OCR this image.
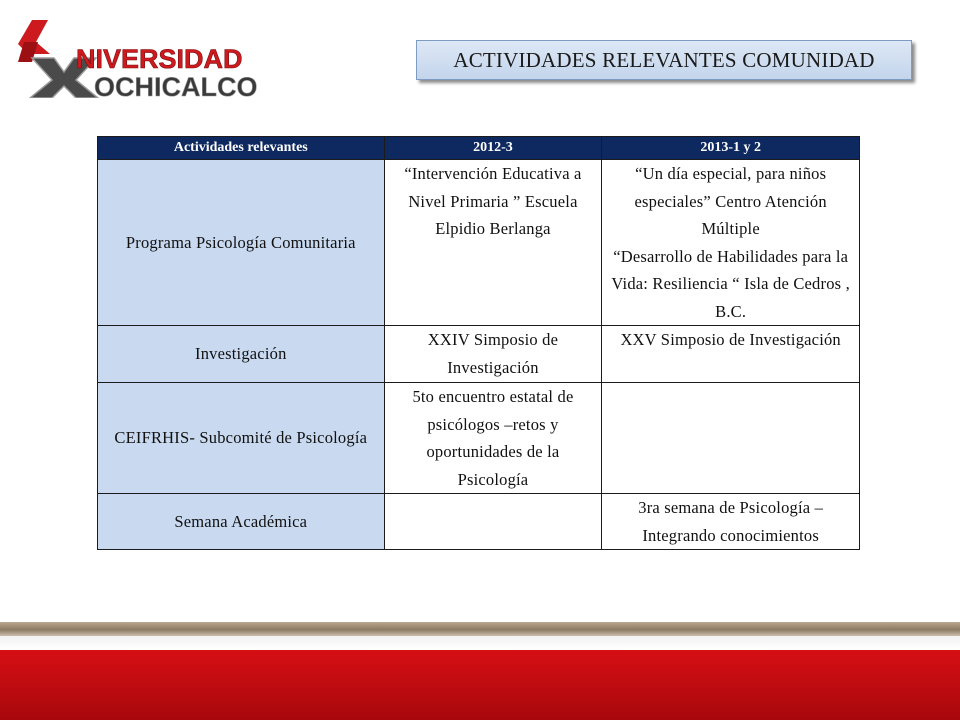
NIVERSIDAD
OCHICALCO
ACTIVIDADES RELEVANTES COMUNIDAD
Actividades relevantes	2012-3	2013-1 y 2
Programa Psicología Comunitaria	“Intervención Educativa a Nivel Primaria ” Escuela Elpidio Berlanga	“Un día especial, para niños especiales” Centro Atención Múltiple
“Desarrollo de Habilidades para la Vida: Resiliencia “ Isla de Cedros , B.C.
Investigación	XXIV Simposio de Investigación	XXV Simposio de Investigación
CEIFRHIS- Subcomité de Psicología	5to encuentro estatal de psicólogos –retos y oportunidades de la Psicología	
Semana Académica		3ra semana de Psicología – Integrando conocimientos
